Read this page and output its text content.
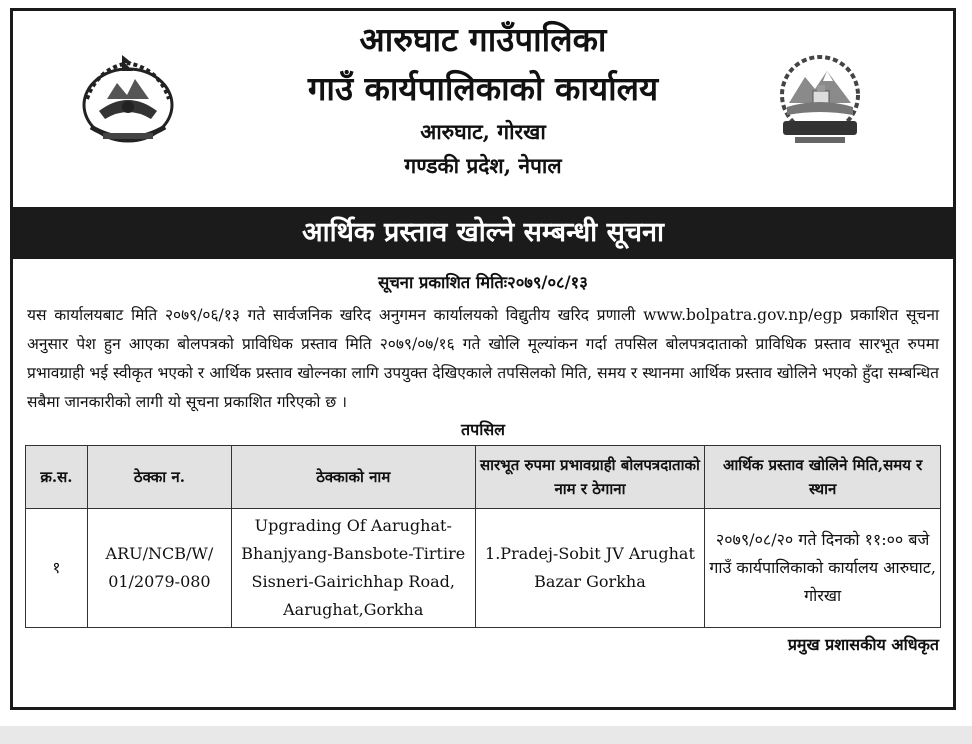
आरुघाट गाउँपालिका
गाउँ कार्यपालिकाको कार्यालय
आरुघाट, गोरखा
गण्डकी प्रदेश, नेपाल
आर्थिक प्रस्ताव खोल्ने सम्बन्धी सूचना
सूचना प्रकाशित मितिः२०७९/०८/१३
यस कार्यालयबाट मिति २०७९/०६/१३ गते सार्वजनिक खरिद अनुगमन कार्यालयको विद्युतीय खरिद प्रणाली www.bolpatra.gov.np/egp प्रकाशित सूचना अनुसार पेश हुन आएका बोलपत्रको प्राविधिक प्रस्ताव मिति २०७९/०७/१६ गते खोलि मूल्यांकन गर्दा तपसिल बोलपत्रदाताको प्राविधिक प्रस्ताव सारभूत रुपमा प्रभावग्राही भई स्वीकृत भएको र आर्थिक प्रस्ताव खोल्नका लागि उपयुक्त देखिएकाले तपसिलको मिति, समय र स्थानमा आर्थिक प्रस्ताव खोलिने भएको हुँदा सम्बन्धित सबैमा जानकारीको लागी यो सूचना प्रकाशित गरिएको छ ।
तपसिल
क्र.स.	ठेक्का न.	ठेक्काको नाम	सारभूत रुपमा प्रभावग्राही बोलपत्रदाताको नाम र ठेगाना	आर्थिक प्रस्ताव खोलिने मिति,समय र स्थान
१	ARU/NCB/W/ 01/2079-080	Upgrading Of Aarughat-Bhanjyang-Bansbote-Tirtire Sisneri-Gairichhap Road, Aarughat,Gorkha	1.Pradej-Sobit JV Arughat Bazar Gorkha	२०७९/०८/२० गते दिनको ११:०० बजे गाउँ कार्यपालिकाको कार्यालय आरुघाट, गोरखा
प्रमुख प्रशासकीय अधिकृत
